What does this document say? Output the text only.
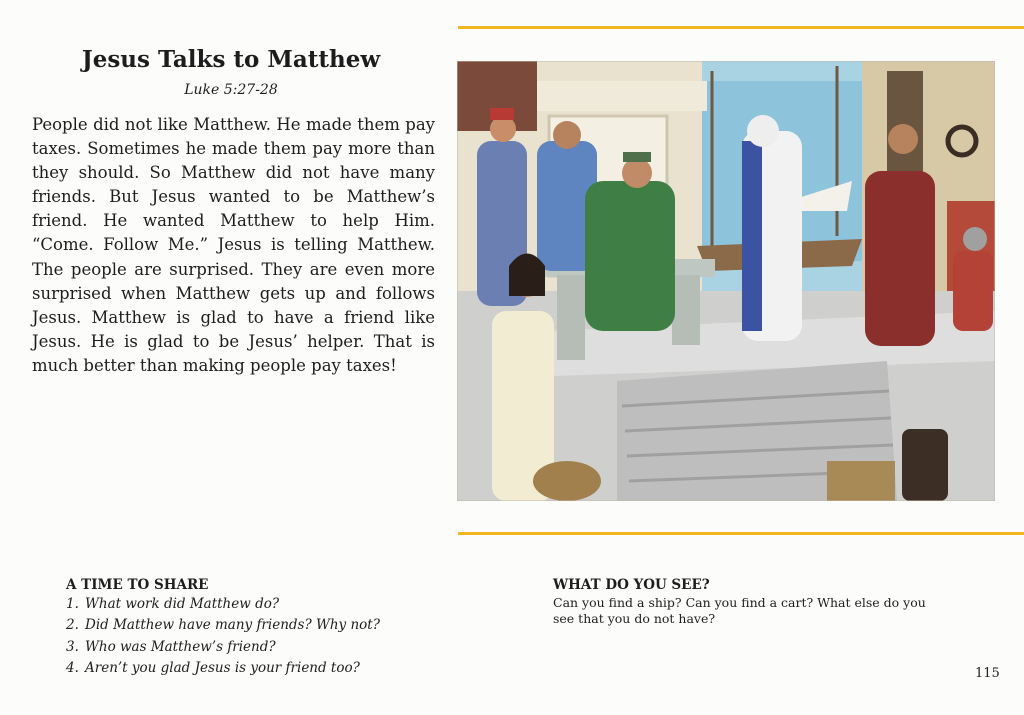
Jesus Talks to Matthew

Luke 5:27-28

People did not like Matthew. He made them pay taxes. Sometimes he made them pay more than they should. So Matthew did not have many friends. But Jesus wanted to be Matthew’s friend. He wanted Matthew to help Him. “Come. Follow Me.” Jesus is telling Matthew. The people are surprised. They are even more surprised when Matthew gets up and follows Jesus. Matthew is glad to have a friend like Jesus. He is glad to be Jesus’ helper. That is much better than making people pay taxes!

A TIME TO SHARE
1. What work did Matthew do?
2. Did Matthew have many friends? Why not?
3. Who was Matthew’s friend?
4. Aren’t you glad Jesus is your friend too?
WHAT DO YOU SEE?

Can you find a ship? Can you find a cart? What else do you see that you do not have?

115
